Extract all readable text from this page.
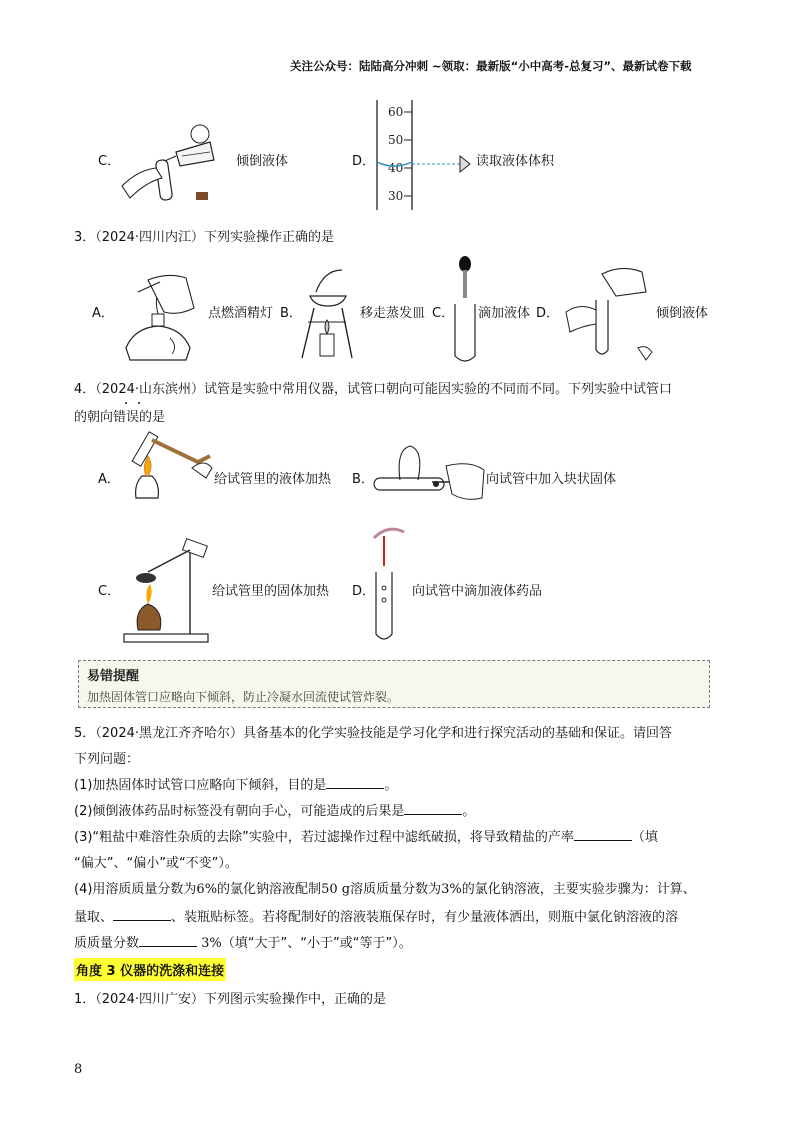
关注公众号：陆陆高分冲刺 ~领取：最新版“小中高考-总复习”、最新试卷下载
C．	倾倒液体	D．
60
50
40
30
读取液体体积
3．（2024·四川内江）下列实验操作正确的是
A．	点燃酒精灯 B．	移走蒸发皿 C． 滴加液体 D．	倾倒液体
4．（2024·山东滨州）试管是实验中常用仪器，试管口朝向可能因实验的不同而不同。下列实验中试管口
的朝向错误的是
A．	给试管里的液体加热 B．	向试管中加入块状固体
C．	给试管里的固体加热 D．	向试管中滴加液体药品
易错提醒
加热固体管口应略向下倾斜，防止冷凝水回流使试管炸裂。
5．（2024·黑龙江齐齐哈尔）具备基本的化学实验技能是学习化学和进行探究活动的基础和保证。请回答
下列问题：
(1)加热固体时试管口应略向下倾斜，目的是	。
(2)倾倒液体药品时标签没有朝向手心，可能造成的后果是	。
(3)“粗盐中难溶性杂质的去除”实验中，若过滤操作过程中滤纸破损，将导致精盐的产率	（填
“偏大”、“偏小”或“不变”）。
(4)用溶质质量分数为6%的氯化钠溶液配制50 g溶质质量分数为3%的氯化钠溶液，主要实验步骤为：计算、
量取、	、装瓶贴标签。若将配制好的溶液装瓶保存时，有少量液体洒出，则瓶中氯化钠溶液的溶
质质量分数	3%（填“大于”、“小于”或“等于”）。
角度 3 仪器的洗涤和连接
1．（2024·四川广安）下列图示实验操作中，正确的是
8
